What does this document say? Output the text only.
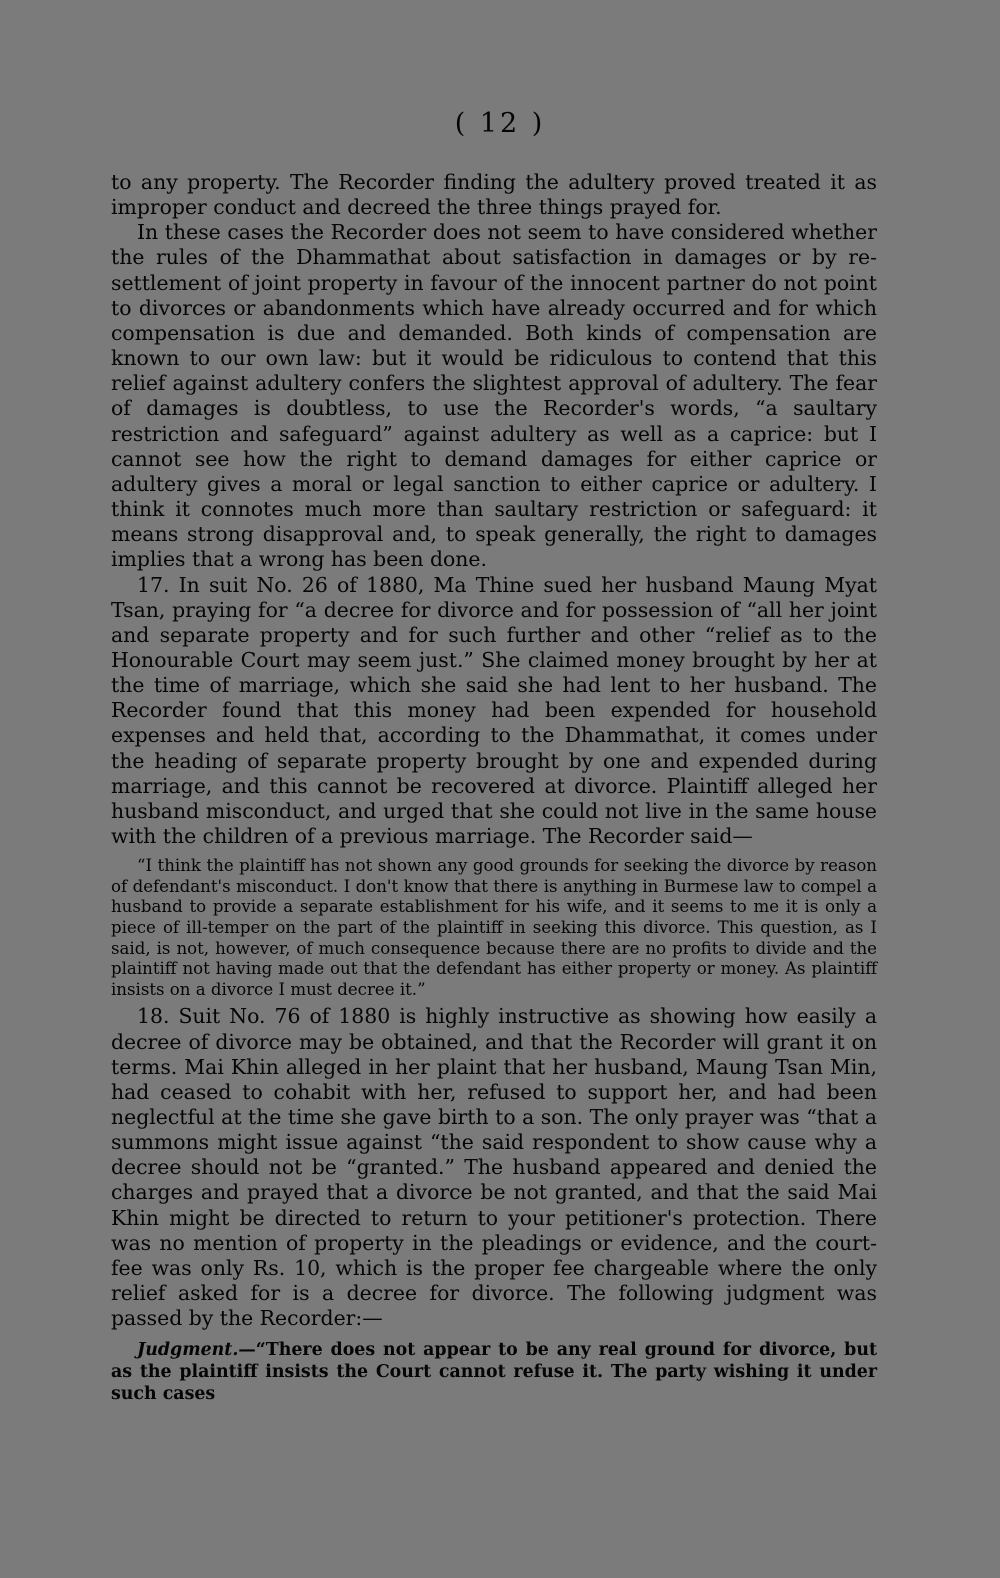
( 12 )

to any property. The Recorder finding the adultery proved treated it as improper conduct and decreed the three things prayed for.

In these cases the Recorder does not seem to have considered whether the rules of the Dhammathat about satisfaction in damages or by re-settlement of joint property in favour of the innocent partner do not point to divorces or abandonments which have already occurred and for which compensation is due and demanded. Both kinds of compensation are known to our own law: but it would be ridiculous to contend that this relief against adultery confers the slightest approval of adultery. The fear of damages is doubtless, to use the Recorder's words, “a saultary restriction and safeguard” against adultery as well as a caprice: but I cannot see how the right to demand damages for either caprice or adultery gives a moral or legal sanction to either caprice or adultery. I think it connotes much more than saultary restriction or safeguard: it means strong disapproval and, to speak generally, the right to damages implies that a wrong has been done.

17. In suit No. 26 of 1880, Ma Thine sued her husband Maung Myat Tsan, praying for “a decree for divorce and for possession of “all her joint and separate property and for such further and other “relief as to the Honourable Court may seem just.” She claimed money brought by her at the time of marriage, which she said she had lent to her husband. The Recorder found that this money had been expended for household expenses and held that, according to the Dhammathat, it comes under the heading of separate property brought by one and expended during marriage, and this cannot be recovered at divorce. Plaintiff alleged her husband misconduct, and urged that she could not live in the same house with the children of a previous marriage. The Recorder said—

“I think the plaintiff has not shown any good grounds for seeking the divorce by reason of defendant's misconduct. I don't know that there is anything in Burmese law to compel a husband to provide a separate establishment for his wife, and it seems to me it is only a piece of ill-temper on the part of the plaintiff in seeking this divorce. This question, as I said, is not, however, of much consequence because there are no profits to divide and the plaintiff not having made out that the defendant has either property or money. As plaintiff insists on a divorce I must decree it.”

18. Suit No. 76 of 1880 is highly instructive as showing how easily a decree of divorce may be obtained, and that the Recorder will grant it on terms. Mai Khin alleged in her plaint that her husband, Maung Tsan Min, had ceased to cohabit with her, refused to support her, and had been neglectful at the time she gave birth to a son. The only prayer was “that a summons might issue against “the said respondent to show cause why a decree should not be “granted.” The husband appeared and denied the charges and prayed that a divorce be not granted, and that the said Mai Khin might be directed to return to your petitioner's protection. There was no mention of property in the pleadings or evidence, and the court-fee was only Rs. 10, which is the proper fee chargeable where the only relief asked for is a decree for divorce. The following judgment was passed by the Recorder:—

Judgment.—“There does not appear to be any real ground for divorce, but as the plaintiff insists the Court cannot refuse it. The party wishing it under such cases
